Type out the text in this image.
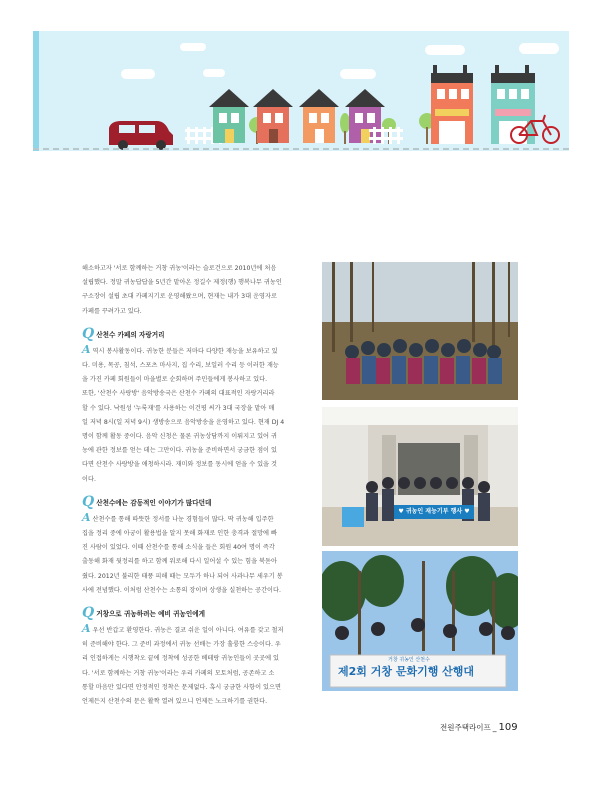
해소하고자 '서로 함께하는 거창 귀농'이라는 슬로건으로 2010년에 처음
설립했다. 정말 귀농답답을 5년간 맡아온 정길수 제정(행) 행복나무 귀농인
구소장이 설립 초대 카페지기로 운영해왔으며, 현재는 내가 3대 운영자로
카페를 꾸려가고 있다.

Q 산천수 카페의 자랑거리

A역시 봉사활동이다. 귀농한 분들은 저마다 다양한 재능을 보유하고 있
다. 미용, 목공, 침석, 스포츠 마사지, 집 수리, 보일러 수리 등 이러한 재능
을 가진 카페 회원들이 마을별로 순회하며 주민들에게 봉사하고 있다.
또한, '산천수 사랑방' 음악방송국은 산천수 카페의 대표적인 자랑거리라
할 수 있다. 낙원성 '누룩재'를 사용하는 이건평 씨가 3대 국장을 맡아 매
일 저녁 8시(일 저녁 9시) 생방송으로 음악방송을 운영하고 있다. 현재 DJ 4
명이 함께 활동 중이다. 음악 신청은 물론 귀농상담까지 이뤄지고 있어 귀
농에 관한 정보를 얻는 데는 그만이다. 귀농을 준비하면서 궁금한 점이 있
다면 산천수 사랑방을 애청하시라. 재미와 정보를 동시에 얻을 수 있을 것
이다.

Q 산천수에는 감동적인 이야기가 많다던데

A산천수를 통해 따뜻한 정서를 나눈 경험들이 많다. 딱 귀농해 입주한
집을 정리 중에 아궁이 활용법을 알지 못해 화재로 인한 충격과 절망에 빠
진 사람이 있었다. 이때 산천수를 통해 소식을 들은 회원 40여 명이 즉각
출동해 화재 뒷정리를 하고 함께 워로해 다시 일어설 수 있는 힘을 북돋아
줬다. 2012년 불리한 태풍 피해 때는 모두가 하나 되어 사과나무 세우기 봉
사에 전념했다. 이처럼 산천수는 소통의 장이며 상생을 실천하는 공간이다.

Q 거창으로 귀농하려는 예비 귀농인에게

A우선 반갑고 환영한다. 귀농은 결코 쉬운 일이 아니다. 여유를 갖고 철저
히 준비해야 한다. 그 준비 과정에서 귀농 선배는 가장 훌륭한 스승이다. 우
리 인접하게는 시행착오 끝에 정착에 성공한 베테랑 귀농인들이 곳곳에 있
다. '서로 함께하는 거창 귀농'이라는 우리 카페의 모토처럼, 공존하고 소
통할 마음만 있다면 안정적인 정착은 문제없다. 혹시 궁금한 사항이 있으면
언제든지 산천수의 문은 활짝 열려 있으니 언제든 노크하기를 권한다.

♥ 귀농인 재능기부 행사 ♥
거창 귀농인 산천수
제2회 거창 문화기행 산행대
전원주택라이프 _ 109
